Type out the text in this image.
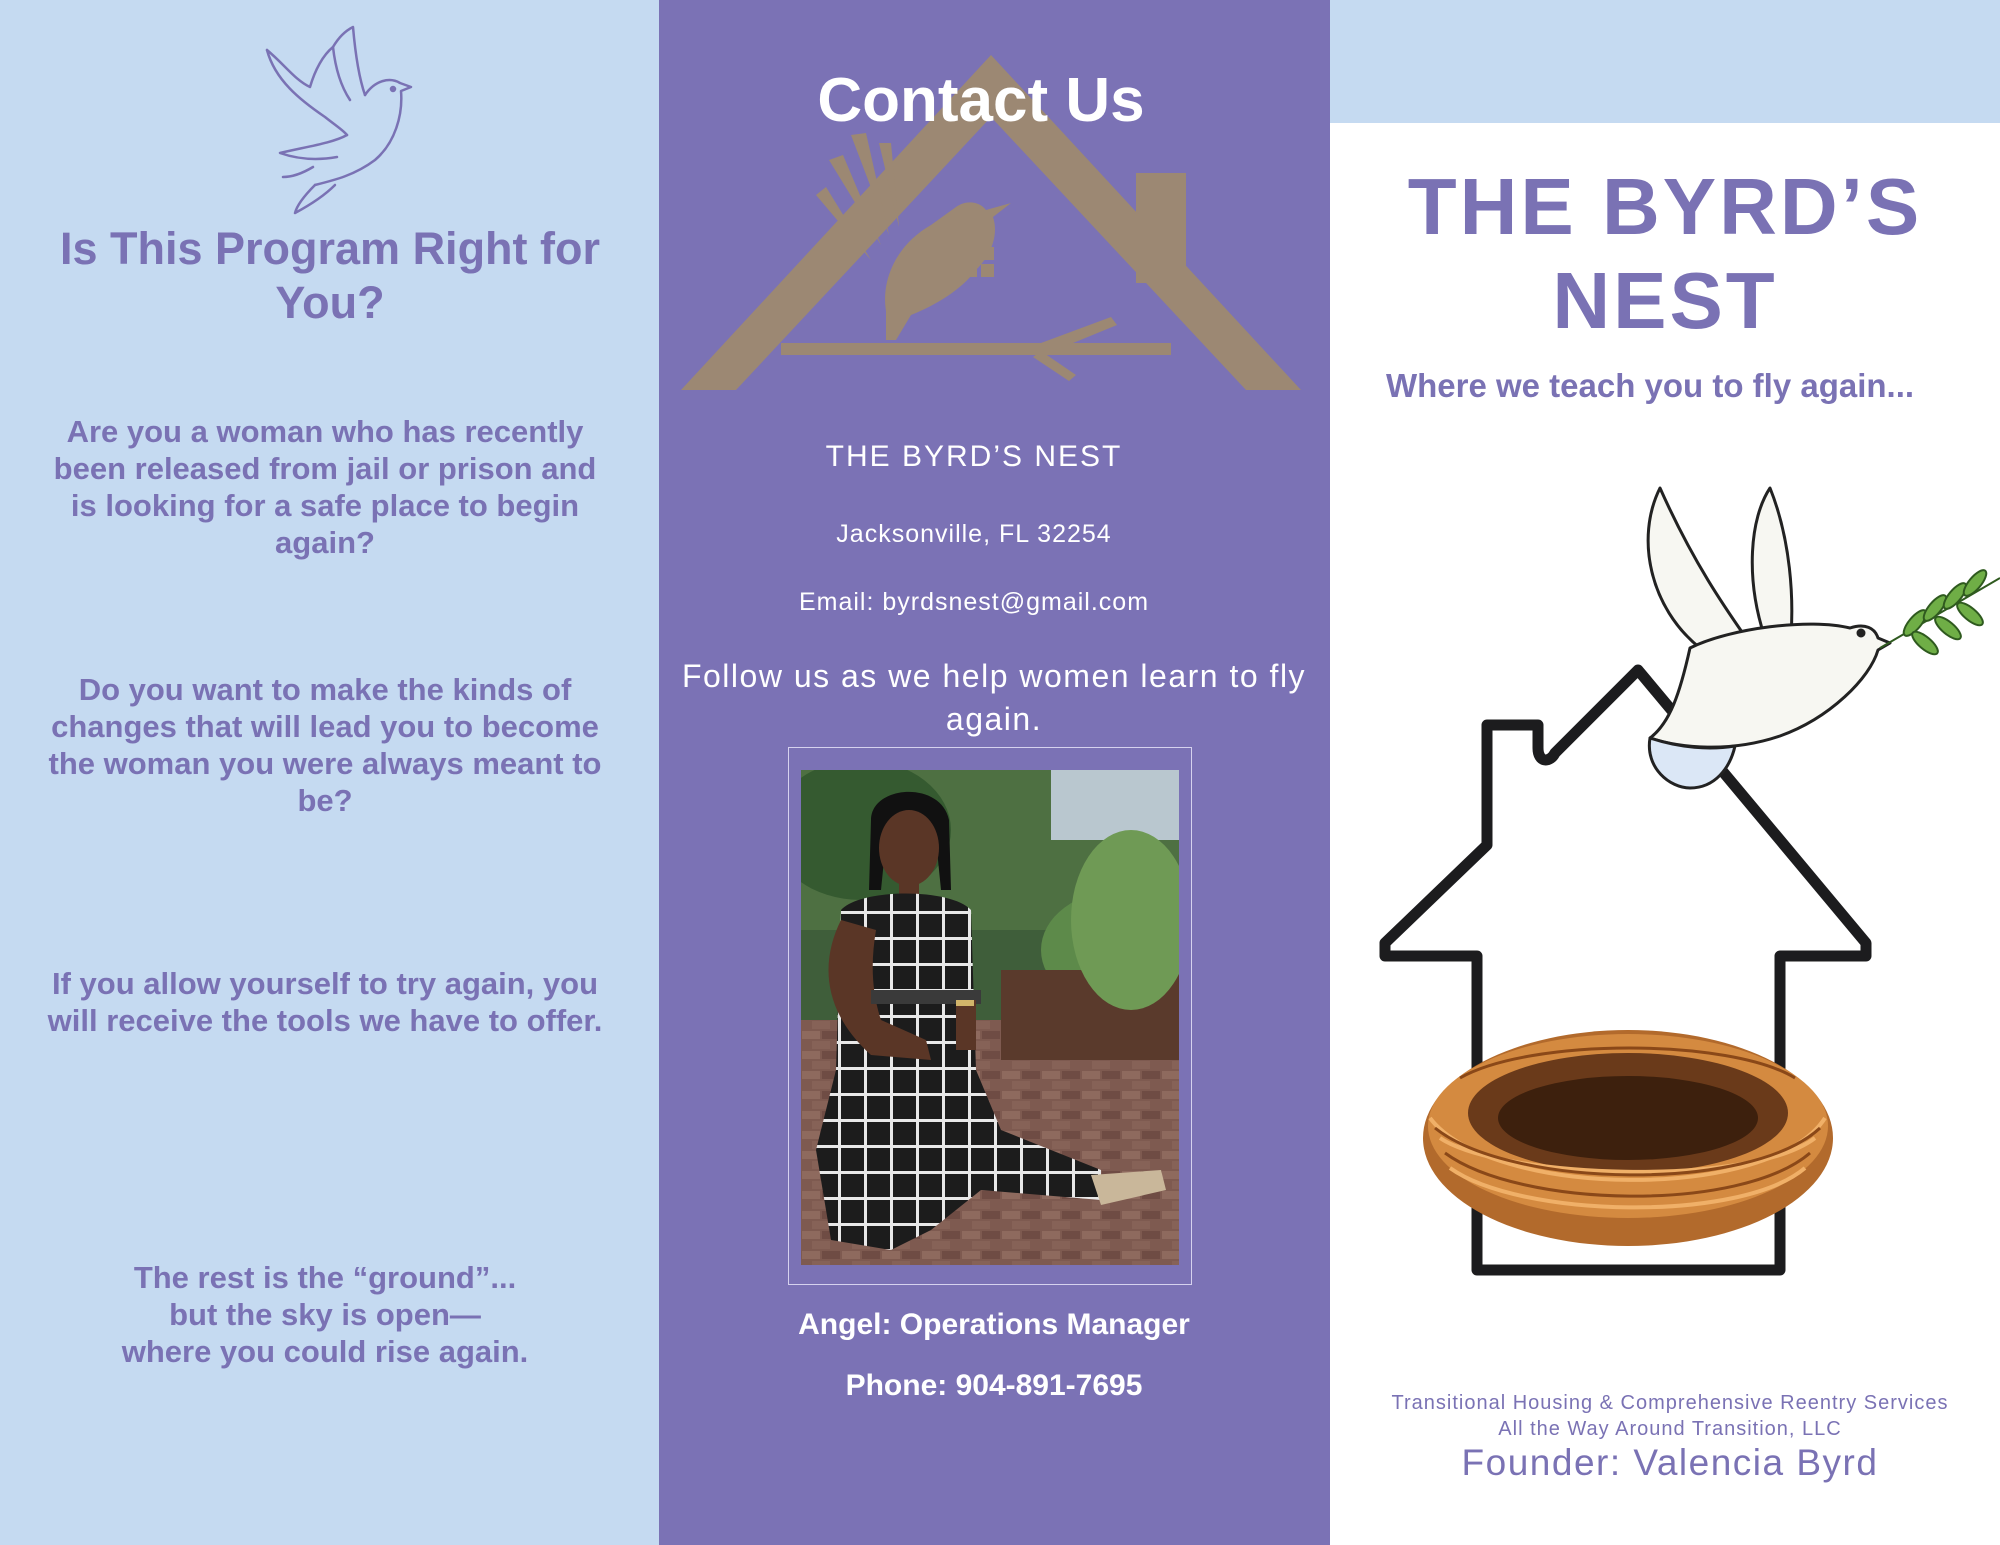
Is This Program Right for You?
Are you a woman who has recently been released from jail or prison and is looking for a safe place to begin again?
Do you want to make the kinds of changes that will lead you to become the woman you were always meant to be?
If you allow yourself to try again, you will receive the tools we have to offer.
The rest is the “ground”...
but the sky is open—
where you could rise again.
Contact Us
THE BYRD’S NEST
Jacksonville, FL 32254
Email: byrdsnest@gmail.com
Follow us as we help women learn to fly again.
Angel: Operations Manager
Phone: 904-891-7695
THE BYRD’S NEST
Where we teach you to fly again...
Transitional Housing & Comprehensive Reentry Services
All the Way Around Transition, LLC
Founder: Valencia Byrd
